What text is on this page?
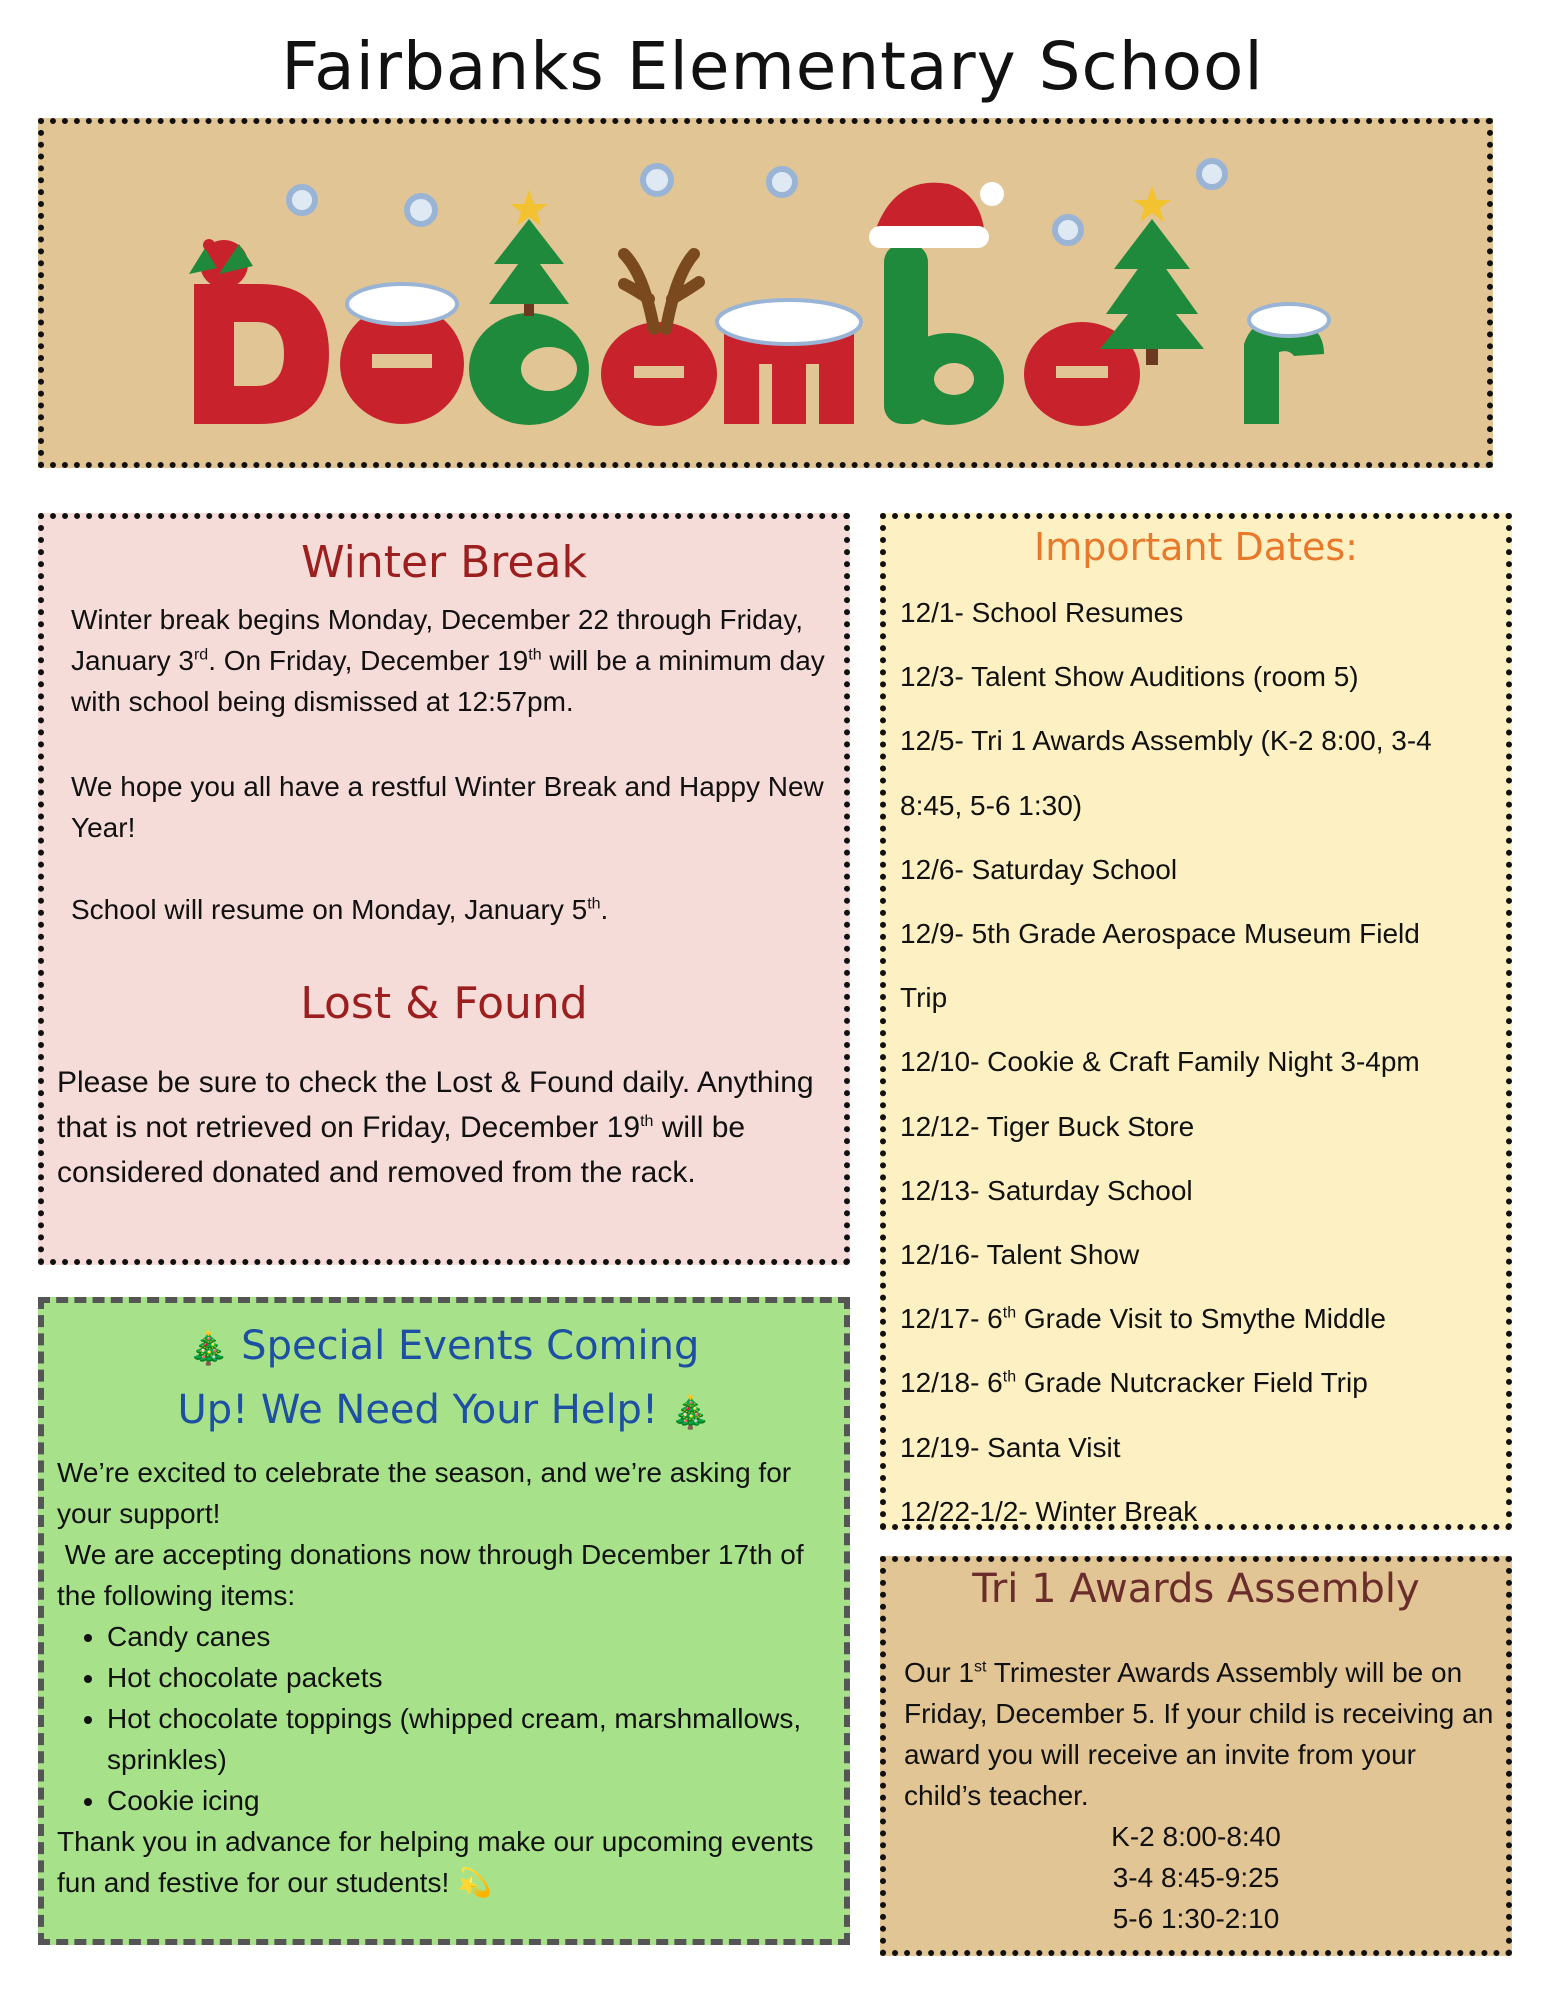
Fairbanks Elementary School
Winter Break

Winter break begins Monday, December 22 through Friday, January 3rd. On Friday, December 19th will be a minimum day with school being dismissed at 12:57pm.

We hope you all have a restful Winter Break and Happy New Year!

School will resume on Monday, January 5th.

Lost & Found

Please be sure to check the Lost & Found daily. Anything that is not retrieved on Friday, December 19th will be considered donated and removed from the rack.

🎄 Special Events Coming
Up! We Need Your Help! 🎄
We’re excited to celebrate the season, and we’re asking for your support!
We are accepting donations now through December 17th of the following items:
• Candy canes
• Hot chocolate packets
• Hot chocolate toppings (whipped cream, marshmallows, sprinkles)
• Cookie icing
Thank you in advance for helping make our upcoming events fun and festive for our students! 💫
Important Dates:
12/1- School Resumes
12/3- Talent Show Auditions (room 5)
12/5- Tri 1 Awards Assembly (K-2 8:00, 3-4
8:45, 5-6 1:30)
12/6- Saturday School
12/9- 5th Grade Aerospace Museum Field
Trip
12/10- Cookie & Craft Family Night 3-4pm
12/12- Tiger Buck Store
12/13- Saturday School
12/16- Talent Show
12/17- 6th Grade Visit to Smythe Middle
12/18- 6th Grade Nutcracker Field Trip
12/19- Santa Visit
12/22-1/2- Winter Break
Tri 1 Awards Assembly

Our 1st Trimester Awards Assembly will be on Friday, December 5. If your child is receiving an award you will receive an invite from your child’s teacher.

K-2 8:00-8:40
3-4 8:45-9:25
5-6 1:30-2:10
